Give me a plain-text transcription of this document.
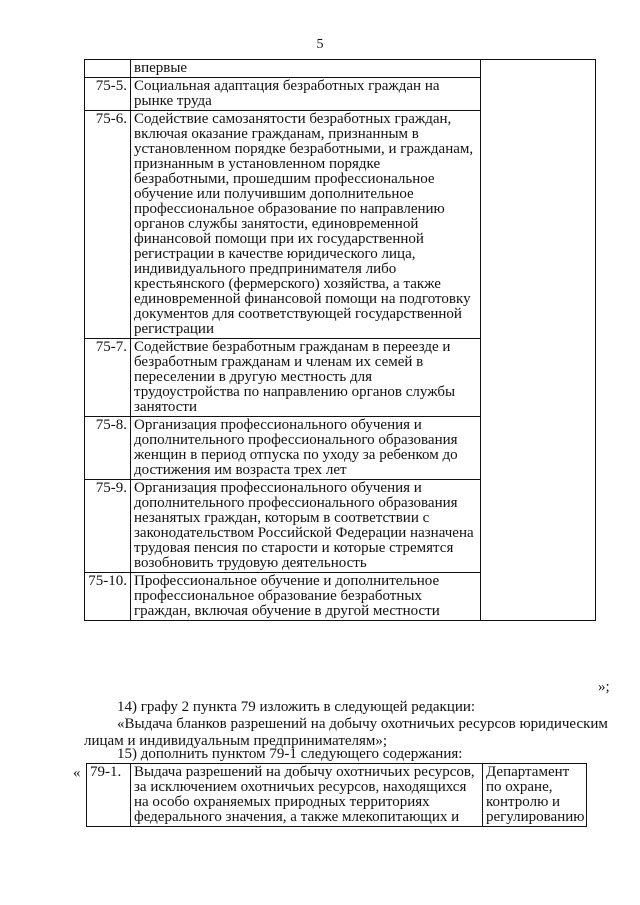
5
	впервые	
75-5.	Социальная адаптация безработных граждан на рынке труда	
75-6.	Содействие самозанятости безработных граждан, включая оказание гражданам, признанным в установленном порядке безработными, и гражданам, признанным в установленном порядке безработными, прошедшим профессиональное обучение или получившим дополнительное профессиональное образование по направлению органов службы занятости, единовременной финансовой помощи при их государственной регистрации в качестве юридического лица, индивидуального предпринимателя либо крестьянского (фермерского) хозяйства, а также единовременной финансовой помощи на подготовку документов для соответствующей государственной регистрации	
75-7.	Содействие безработным гражданам в переезде и безработным гражданам и членам их семей в переселении в другую местность для трудоустройства по направлению органов службы занятости	
75-8.	Организация профессионального обучения и дополнительного профессионального образования женщин в период отпуска по уходу за ребенком до достижения им возраста трех лет	
75-9.	Организация профессионального обучения и дополнительного профессионального образования незанятых граждан, которым в соответствии с законодательством Российской Федерации назначена трудовая пенсия по старости и которые стремятся возобновить трудовую деятельность	
75-10.	Профессиональное обучение и дополнительное профессиональное образование безработных граждан, включая обучение в другой местности	
»;
14) графу 2 пункта 79 изложить в следующей редакции:
«Выдача бланков разрешений на добычу охотничьих ресурсов юридическим
лицам и индивидуальным предпринимателям»;
15) дополнить пунктом 79-1 следующего содержания:
« 79-1.	Выдача разрешений на добычу охотничьих ресурсов, за исключением охотничьих ресурсов, находящихся на особо охраняемых природных территориях федерального значения, а также млекопитающих и	Департамент по охране, контролю и регулированию
